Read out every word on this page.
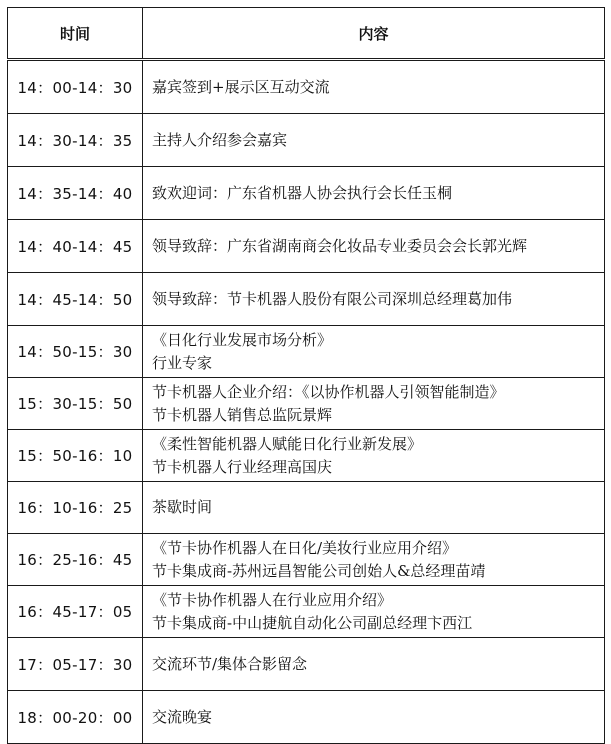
时间	内容
14：00-14：30	嘉宾签到+展示区互动交流

14：30-14：35	主持人介绍参会嘉宾

14：35-14：40	致欢迎词：广东省机器人协会执行会长任玉桐

14：40-14：45	领导致辞：广东省湖南商会化妆品专业委员会会长郭光辉

14：45-14：50	领导致辞：节卡机器人股份有限公司深圳总经理葛加伟

14：50-15：30	《日化行业发展市场分析》
行业专家

15：30-15：50	节卡机器人企业介绍：《以协作机器人引领智能制造》
节卡机器人销售总监阮景辉

15：50-16：10	《柔性智能机器人赋能日化行业新发展》
节卡机器人行业经理高国庆

16：10-16：25	茶歇时间

16：25-16：45	《节卡协作机器人在日化/美妆行业应用介绍》
节卡集成商-苏州远昌智能公司创始人&总经理苗靖

16：45-17：05	《节卡协作机器人在行业应用介绍》
节卡集成商-中山捷航自动化公司副总经理卞西江

17：05-17：30	交流环节/集体合影留念

18：00-20：00	交流晚宴
